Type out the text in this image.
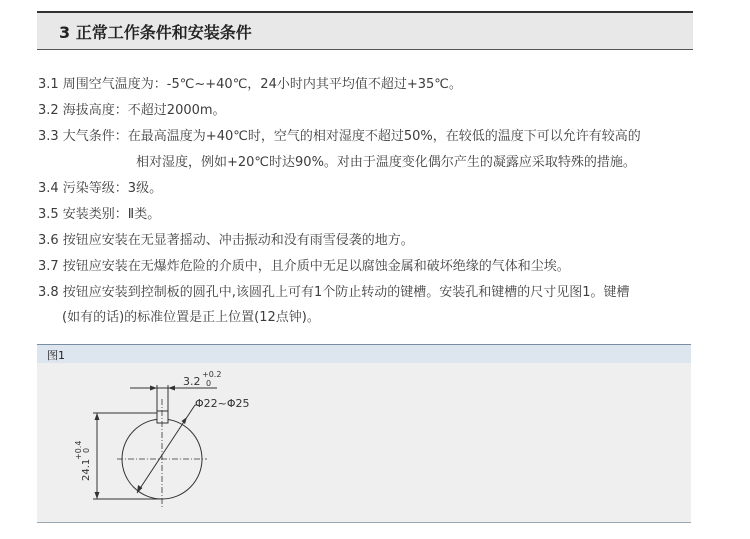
3 正常工作条件和安装条件
3.1 周围空气温度为：-5℃~+40℃，24小时内其平均值不超过+35℃。
3.2 海拔高度：不超过2000m。
3.3 大气条件：在最高温度为+40℃时，空气的相对湿度不超过50%，在较低的温度下可以允许有较高的
相对湿度，例如+20℃时达90%。对由于温度变化偶尔产生的凝露应采取特殊的措施。
3.4 污染等级：3级。
3.5 安装类别：Ⅱ类。
3.6 按钮应安装在无显著摇动、冲击振动和没有雨雪侵袭的地方。
3.7 按钮应安装在无爆炸危险的介质中，且介质中无足以腐蚀金属和破坏绝缘的气体和尘埃。
3.8 按钮应安装到控制板的圆孔中,该圆孔上可有1个防止转动的键槽。安装孔和键槽的尺寸见图1。键槽
(如有的话)的标准位置是正上位置(12点钟)。
图1
3.2
+0.2
0
Φ22~Φ25
24.1
+0.4 0
